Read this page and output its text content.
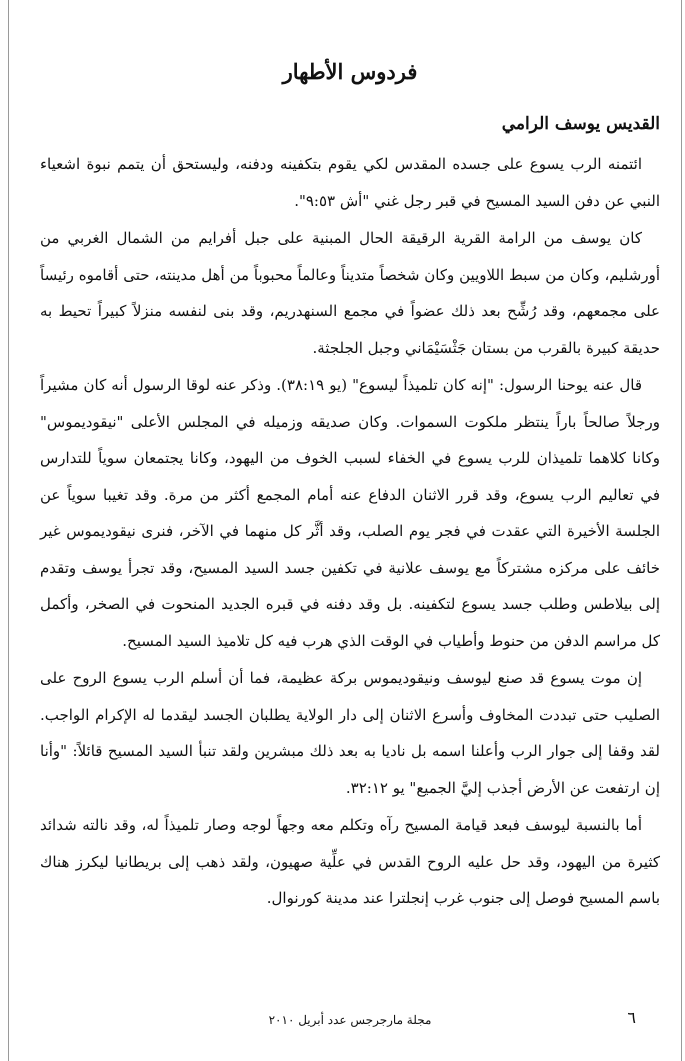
فردوس الأطهار
القديس يوسف الرامي

ائتمنه الرب يسوع على جسده المقدس لكي يقوم بتكفينه ودفنه، وليستحق أن يتمم نبوة اشعياء النبي عن دفن السيد المسيح في قبر رجل غني "أش ٩:٥٣".

كان يوسف من الرامة القرية الرقيقة الحال المبنية على جبل أفرايم من الشمال الغربي من أورشليم، وكان من سبط اللاويين وكان شخصاً متديناً وعالماً محبوباً من أهل مدينته، حتى أقاموه رئيساً على مجمعهم، وقد رُشِّح بعد ذلك عضواً في مجمع السنهدريم، وقد بنى لنفسه منزلاً كبيراً تحيط به حديقة كبيرة بالقرب من بستان جَثْسَيْمَاني وجبل الجلجثة.

قال عنه يوحنا الرسول: "إنه كان تلميذاً ليسوع" (يو ٣٨:١٩). وذكر عنه لوقا الرسول أنه كان مشيراً ورجلاً صالحاً باراً ينتظر ملكوت السموات. وكان صديقه وزميله في المجلس الأعلى "نيقوديموس" وكانا كلاهما تلميذان للرب يسوع في الخفاء لسبب الخوف من اليهود، وكانا يجتمعان سوياً للتدارس في تعاليم الرب يسوع، وقد قرر الاثنان الدفاع عنه أمام المجمع أكثر من مرة. وقد تغيبا سوياً عن الجلسة الأخيرة التي عقدت في فجر يوم الصلب، وقد أثَّر كل منهما في الآخر، فنرى نيقوديموس غير خائف على مركزه مشتركاً مع يوسف علانية في تكفين جسد السيد المسيح، وقد تجرأ يوسف وتقدم إلى بيلاطس وطلب جسد يسوع لتكفينه. بل وقد دفنه في قبره الجديد المنحوت في الصخر، وأكمل كل مراسم الدفن من حنوط وأطياب في الوقت الذي هرب فيه كل تلاميذ السيد المسيح.

إن موت يسوع قد صنع ليوسف ونيقوديموس بركة عظيمة، فما أن أسلم الرب يسوع الروح على الصليب حتى تبددت المخاوف وأسرع الاثنان إلى دار الولاية يطلبان الجسد ليقدما له الإكرام الواجب. لقد وقفا إلى جوار الرب وأعلنا اسمه بل ناديا به بعد ذلك مبشرين ولقد تنبأ السيد المسيح قائلاً: "وأنا إن ارتفعت عن الأرض أجذب إليَّ الجميع" يو ٣٢:١٢.

أما بالنسبة ليوسف فبعد قيامة المسيح رآه وتكلم معه وجهاً لوجه وصار تلميذاً له، وقد نالته شدائد كثيرة من اليهود، وقد حل عليه الروح القدس في علِّية صهيون، ولقد ذهب إلى بريطانيا ليكرز هناك باسم المسيح فوصل إلى جنوب غرب إنجلترا عند مدينة كورنوال.

٦
مجلة مارجرجس عدد أبريل ٢٠١٠
